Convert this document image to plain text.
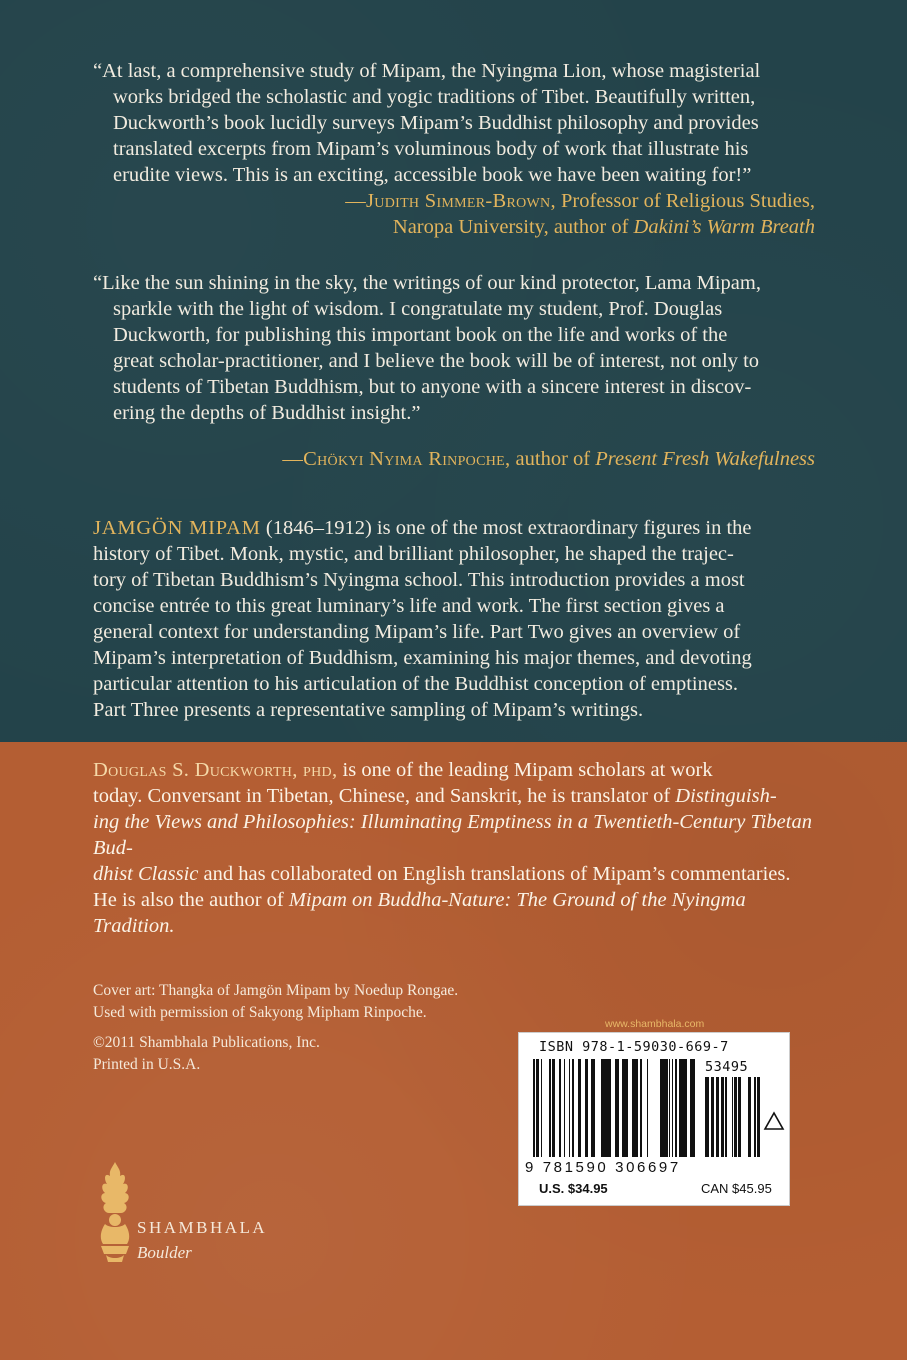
“At last, a comprehensive study of Mipam, the Nyingma Lion, whose magisterial
works bridged the scholastic and yogic traditions of Tibet. Beautifully written,
Duckworth’s book lucidly surveys Mipam’s Buddhist philosophy and provides
translated excerpts from Mipam’s voluminous body of work that illustrate his
erudite views. This is an exciting, accessible book we have been waiting for!”
—Judith Simmer-Brown, Professor of Religious Studies,
Naropa University, author of Dakini’s Warm Breath
“Like the sun shining in the sky, the writings of our kind protector, Lama Mipam,
sparkle with the light of wisdom. I congratulate my student, Prof. Douglas
Duckworth, for publishing this important book on the life and works of the
great scholar-practitioner, and I believe the book will be of interest, not only to
students of Tibetan Buddhism, but to anyone with a sincere interest in discov-
ering the depths of Buddhist insight.”
—Chökyi Nyima Rinpoche, author of Present Fresh Wakefulness
JAMGÖN MIPAM (1846–1912) is one of the most extraordinary figures in the
history of Tibet. Monk, mystic, and brilliant philosopher, he shaped the trajec-
tory of Tibetan Buddhism’s Nyingma school. This introduction provides a most
concise entrée to this great luminary’s life and work. The first section gives a
general context for understanding Mipam’s life. Part Two gives an overview of
Mipam’s interpretation of Buddhism, examining his major themes, and devoting
particular attention to his articulation of the Buddhist conception of emptiness.
Part Three presents a representative sampling of Mipam’s writings.
Douglas S. Duckworth, phd, is one of the leading Mipam scholars at work
today. Conversant in Tibetan, Chinese, and Sanskrit, he is translator of Distinguish-
ing the Views and Philosophies: Illuminating Emptiness in a Twentieth-Century Tibetan Bud-
dhist Classic and has collaborated on English translations of Mipam’s commentaries.
He is also the author of Mipam on Buddha-Nature: The Ground of the Nyingma Tradition.

Cover art: Thangka of Jamgön Mipam by Noedup Rongae.
Used with permission of Sakyong Mipham Rinpoche.

©2011 Shambhala Publications, Inc.
Printed in U.S.A.

www.shambhala.com
ISBN 978-1-59030-669-7
53495
9 781590 306697
U.S. $34.95	CAN $45.95
SHAMBHALA
Boulder
